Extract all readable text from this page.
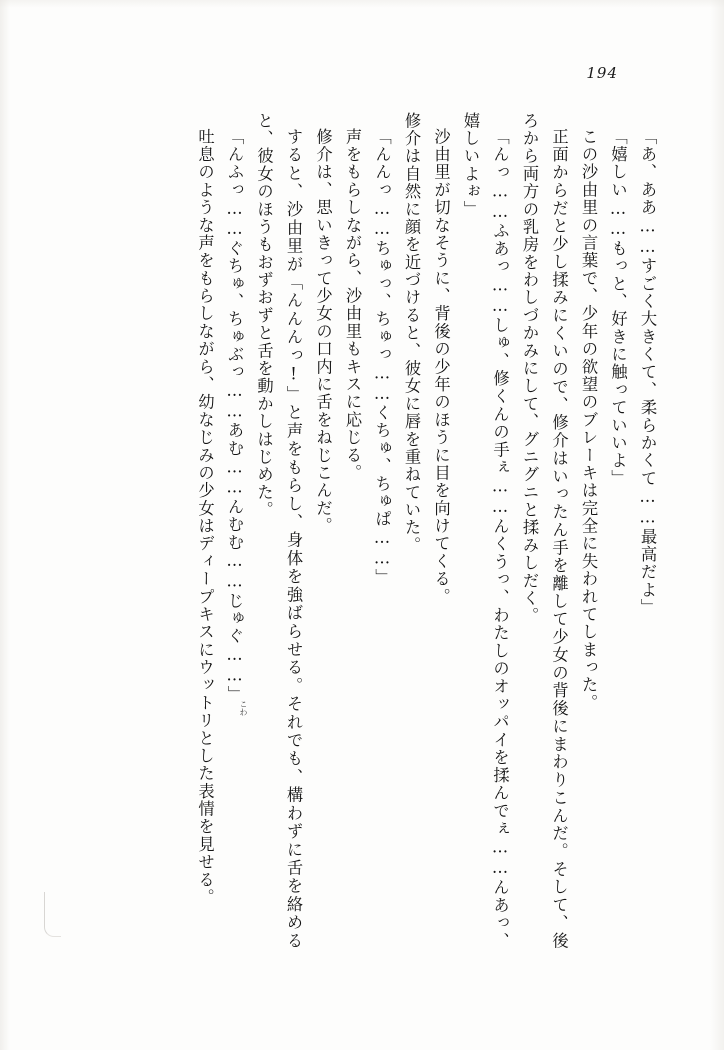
194

「あ、ああ……すごく大きくて、柔らかくて……最高だよ」

「嬉しい……もっと、好きに触っていいよ」

この沙由里の言葉で、少年の欲望のブレーキは完全に失われてしまった。

正面からだと少し揉みにくいので、修介はいったん手を離して少女の背後にまわりこんだ。そして、後ろから両方の乳房をわしづかみにして、グニグニと揉みしだく。

「んっ……ふあっ……しゅ、修くんの手ぇ……んくうっ、わたしのオッパイを揉んでぇ……んあっ、嬉しいよぉ」

沙由里が切なそうに、背後の少年のほうに目を向けてくる。

修介は自然に顔を近づけると、彼女に唇を重ねていた。

「んんっ……ちゅっ、ちゅっ……くちゅ、ちゅぱ……」

声をもらしながら、沙由里もキスに応じる。

修介は、思いきって少女の口内に舌をねじこんだ。

すると、沙由里が「んんんっ!」と声をもらし、身体を強ばらせる。それでも、構わずに舌を絡めると、彼女のほうもおずおずと舌を動かしはじめた。

「んふっ……ぐちゅ、ちゅぶっ……あむ……んむむ……じゅぐ……」

吐息のような声をもらしながら、幼なじみの少女はディープキスにウットリとした表情を見せる。	こわ
